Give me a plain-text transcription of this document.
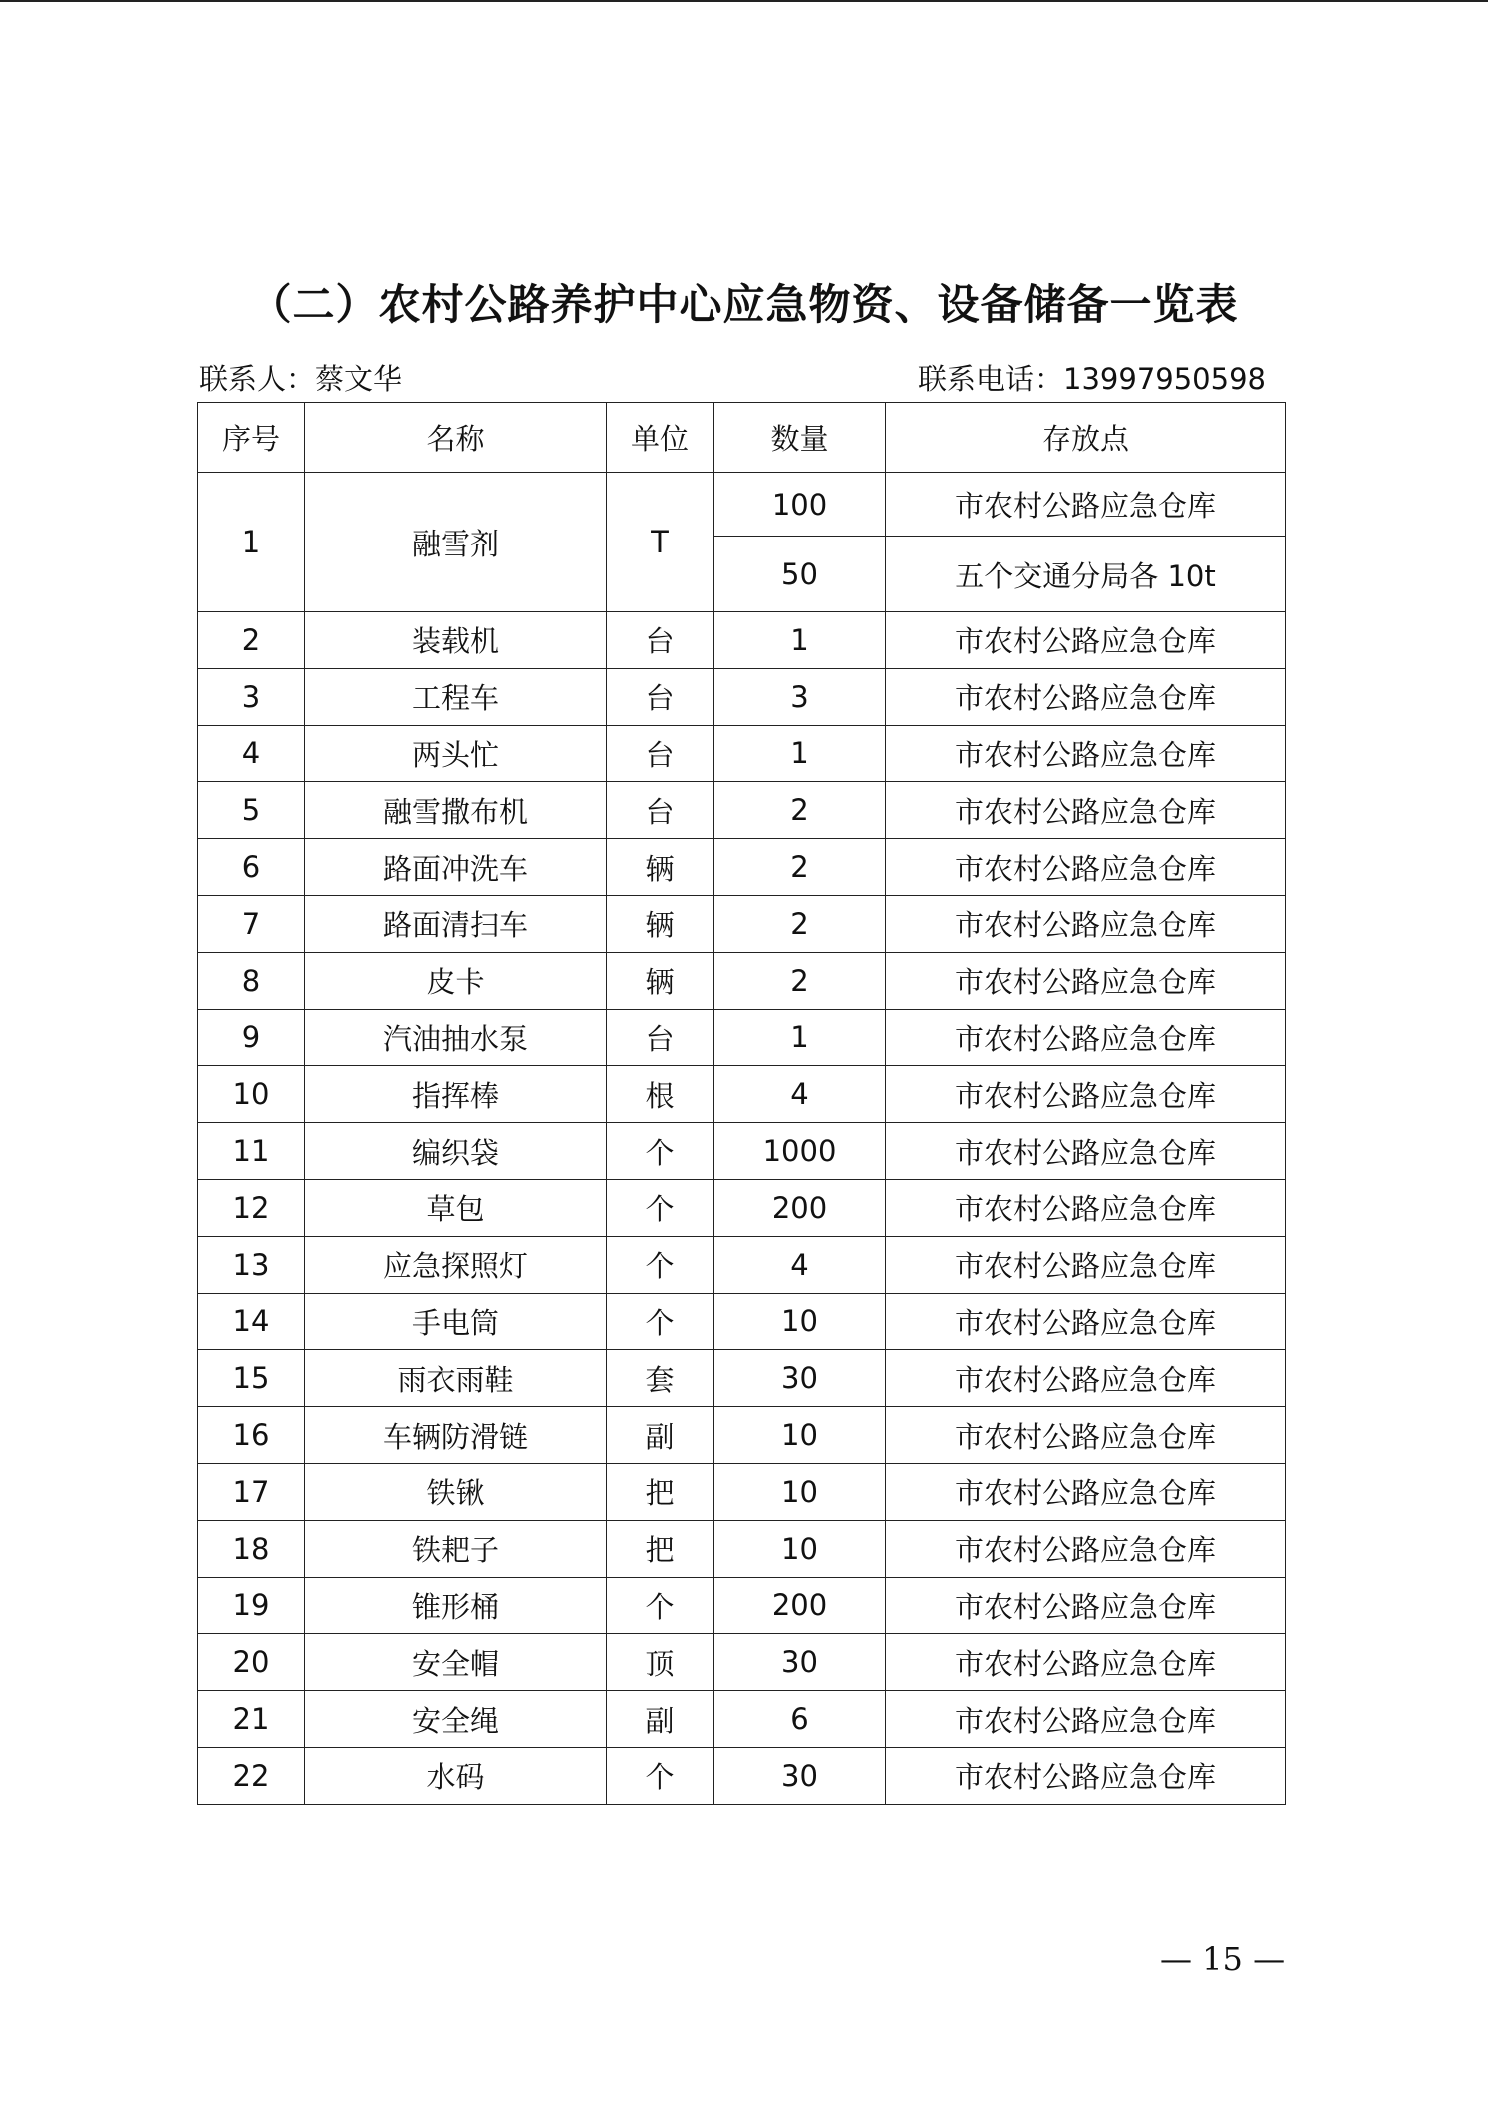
（二）农村公路养护中心应急物资、设备储备一览表
联系人：蔡文华	联系电话：13997950598
序号	名称	单位	数量	存放点
1	融雪剂	T	100	市农村公路应急仓库
			50	五个交通分局各 10t
2	装载机	台	1	市农村公路应急仓库
3	工程车	台	3	市农村公路应急仓库
4	两头忙	台	1	市农村公路应急仓库
5	融雪撒布机	台	2	市农村公路应急仓库
6	路面冲洗车	辆	2	市农村公路应急仓库
7	路面清扫车	辆	2	市农村公路应急仓库
8	皮卡	辆	2	市农村公路应急仓库
9	汽油抽水泵	台	1	市农村公路应急仓库
10	指挥棒	根	4	市农村公路应急仓库
11	编织袋	个	1000	市农村公路应急仓库
12	草包	个	200	市农村公路应急仓库
13	应急探照灯	个	4	市农村公路应急仓库
14	手电筒	个	10	市农村公路应急仓库
15	雨衣雨鞋	套	30	市农村公路应急仓库
16	车辆防滑链	副	10	市农村公路应急仓库
17	铁锹	把	10	市农村公路应急仓库
18	铁耙子	把	10	市农村公路应急仓库
19	锥形桶	个	200	市农村公路应急仓库
20	安全帽	顶	30	市农村公路应急仓库
21	安全绳	副	6	市农村公路应急仓库
22	水码	个	30	市农村公路应急仓库
— 15 —
